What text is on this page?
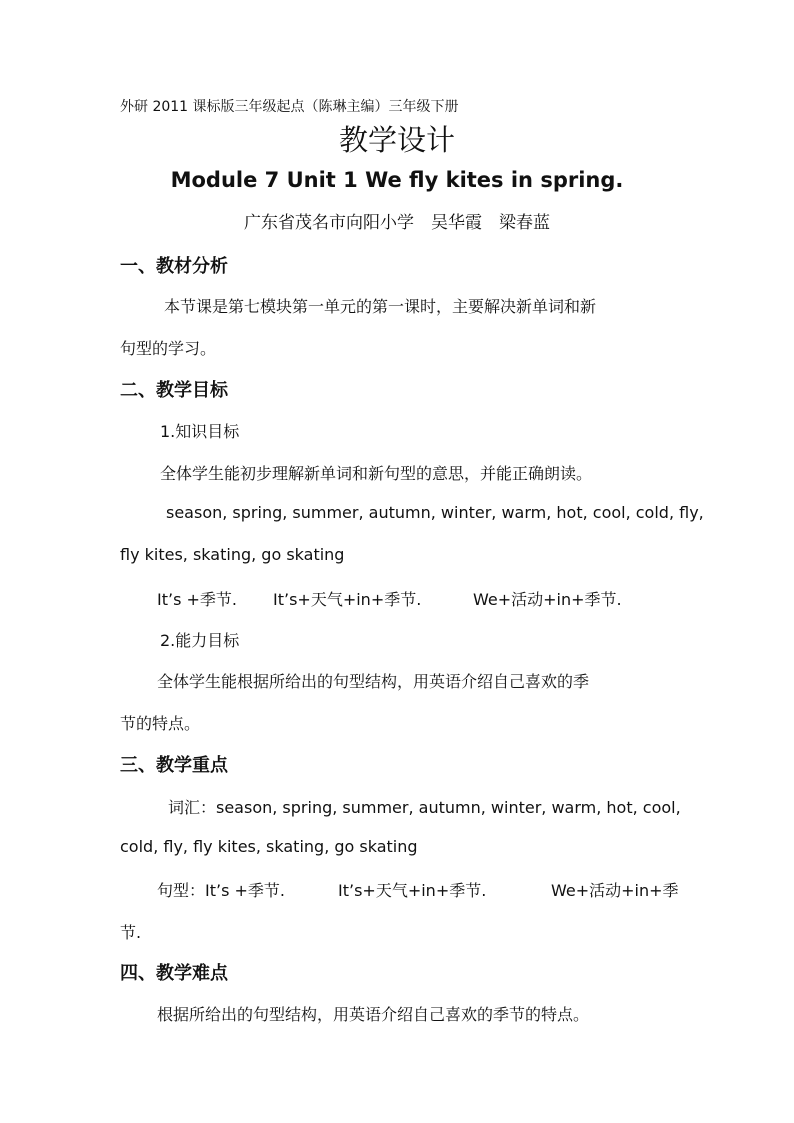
外研 2011 课标版三年级起点（陈琳主编）三年级下册
教学设计
Module 7 Unit 1 We fly kites in spring.
广东省茂名市向阳小学　吴华霞　梁春蓝
一、教材分析
本节课是第七模块第一单元的第一课时，主要解决新单词和新
句型的学习。
二、教学目标
1.知识目标
全体学生能初步理解新单词和新句型的意思，并能正确朗读。
season, spring, summer, autumn, winter, warm, hot, cool, cold, fly,
fly kites, skating, go skating
It’s +季节. It’s+天气+in+季节.	We+活动+in+季节.
2.能力目标
全体学生能根据所给出的句型结构，用英语介绍自己喜欢的季
节的特点。
三、教学重点
词汇：season, spring, summer, autumn, winter, warm, hot, cool,
cold, fly, fly kites, skating, go skating
句型：It’s +季节.	It’s+天气+in+季节.	We+活动+in+季
节.
四、教学难点
根据所给出的句型结构，用英语介绍自己喜欢的季节的特点。
